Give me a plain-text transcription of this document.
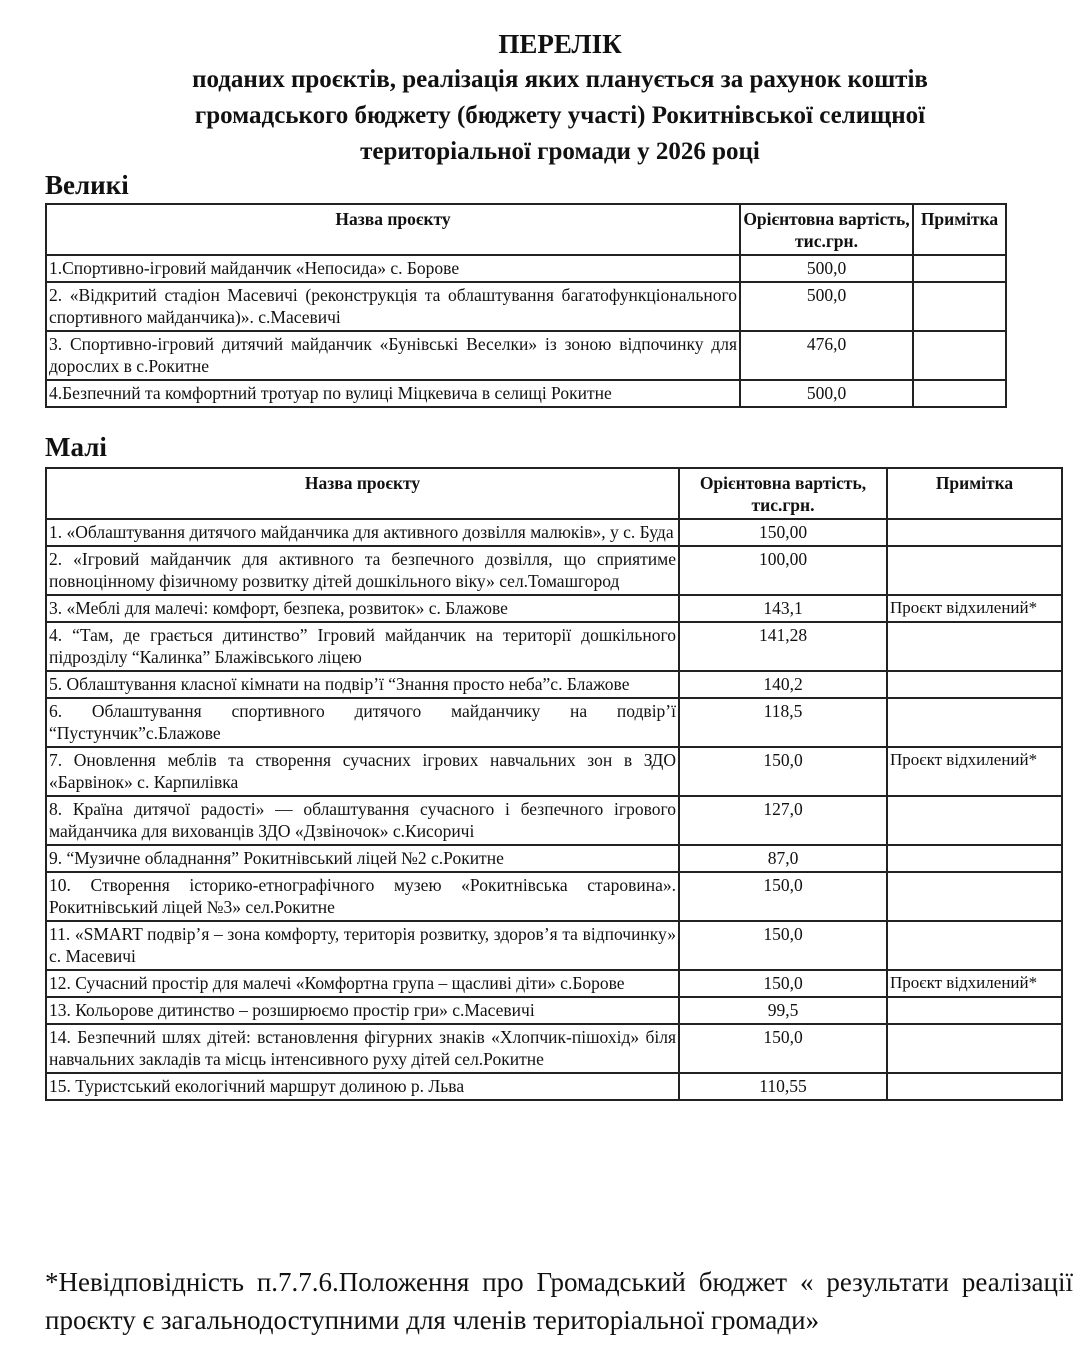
ПЕРЕЛІК
поданих проєктів, реалізація яких планується за рахунок коштів
громадського бюджету (бюджету участі) Рокитнівської селищної
територіальної громади у 2026 році
Великі
Назва проєкту	Орієнтовна вартість, тис.грн.	Примітка
1.Спортивно-ігровий майданчик «Непосида» с. Борове	500,0	
2. «Відкритий стадіон Масевичі (реконструкція та облаштування багатофункціонального спортивного майданчика)». с.Масевичі	500,0	
3. Спортивно-ігровий дитячий майданчик «Бунівські Веселки» із зоною відпочинку для дорослих в с.Рокитне	476,0	
4.Безпечний та комфортний тротуар по вулиці Міцкевича в селищі Рокитне	500,0	
Малі
Назва проєкту	Орієнтовна вартість, тис.грн.	Примітка
1. «Облаштування дитячого майданчика для активного дозвілля малюків», у с. Буда	150,00	
2. «Ігровий майданчик для активного та безпечного дозвілля, що сприятиме повноцінному фізичному розвитку дітей дошкільного віку» сел.Томашгород	100,00	
3. «Меблі для малечі: комфорт, безпека, розвиток» с. Блажове	143,1	Проєкт відхилений*
4. “Там, де грається дитинство” Ігровий майданчик на території дошкільного підрозділу “Калинка” Блажівського ліцею	141,28	
5. Облаштування класної кімнати на подвір’ї “Знання просто неба”с. Блажове	140,2	
6. Облаштування спортивного дитячого майданчику на подвір’ї “Пустунчик”с.Блажове	118,5	
7. Оновлення меблів та створення сучасних ігрових навчальних зон в ЗДО «Барвінок» с. Карпилівка	150,0	Проєкт відхилений*
8. Країна дитячої радості» — облаштування сучасного і безпечного ігрового майданчика для вихованців ЗДО «Дзвіночок» с.Кисоричі	127,0	
9. “Музичне обладнання” Рокитнівський ліцей №2 с.Рокитне	87,0	
10. Створення історико-етнографічного музею «Рокитнівська старовина». Рокитнівський ліцей №3» сел.Рокитне	150,0	
11. «SMART подвір’я – зона комфорту, територія розвитку, здоров’я та відпочинку» с. Масевичі	150,0	
12. Сучасний простір для малечі «Комфортна група – щасливі діти» с.Борове	150,0	Проєкт відхилений*
13. Кольорове дитинство – розширюємо простір гри» с.Масевичі	99,5	
14. Безпечний шлях дітей: встановлення фігурних знаків «Хлопчик-пішохід» біля навчальних закладів та місць інтенсивного руху дітей сел.Рокитне	150,0	
15. Туристський екологічний маршрут долиною р. Льва	110,55	
*Невідповідність п.7.7.6.Положення про Громадський бюджет « результати реалізації проєкту є загальнодоступними для членів територіальної громади»
